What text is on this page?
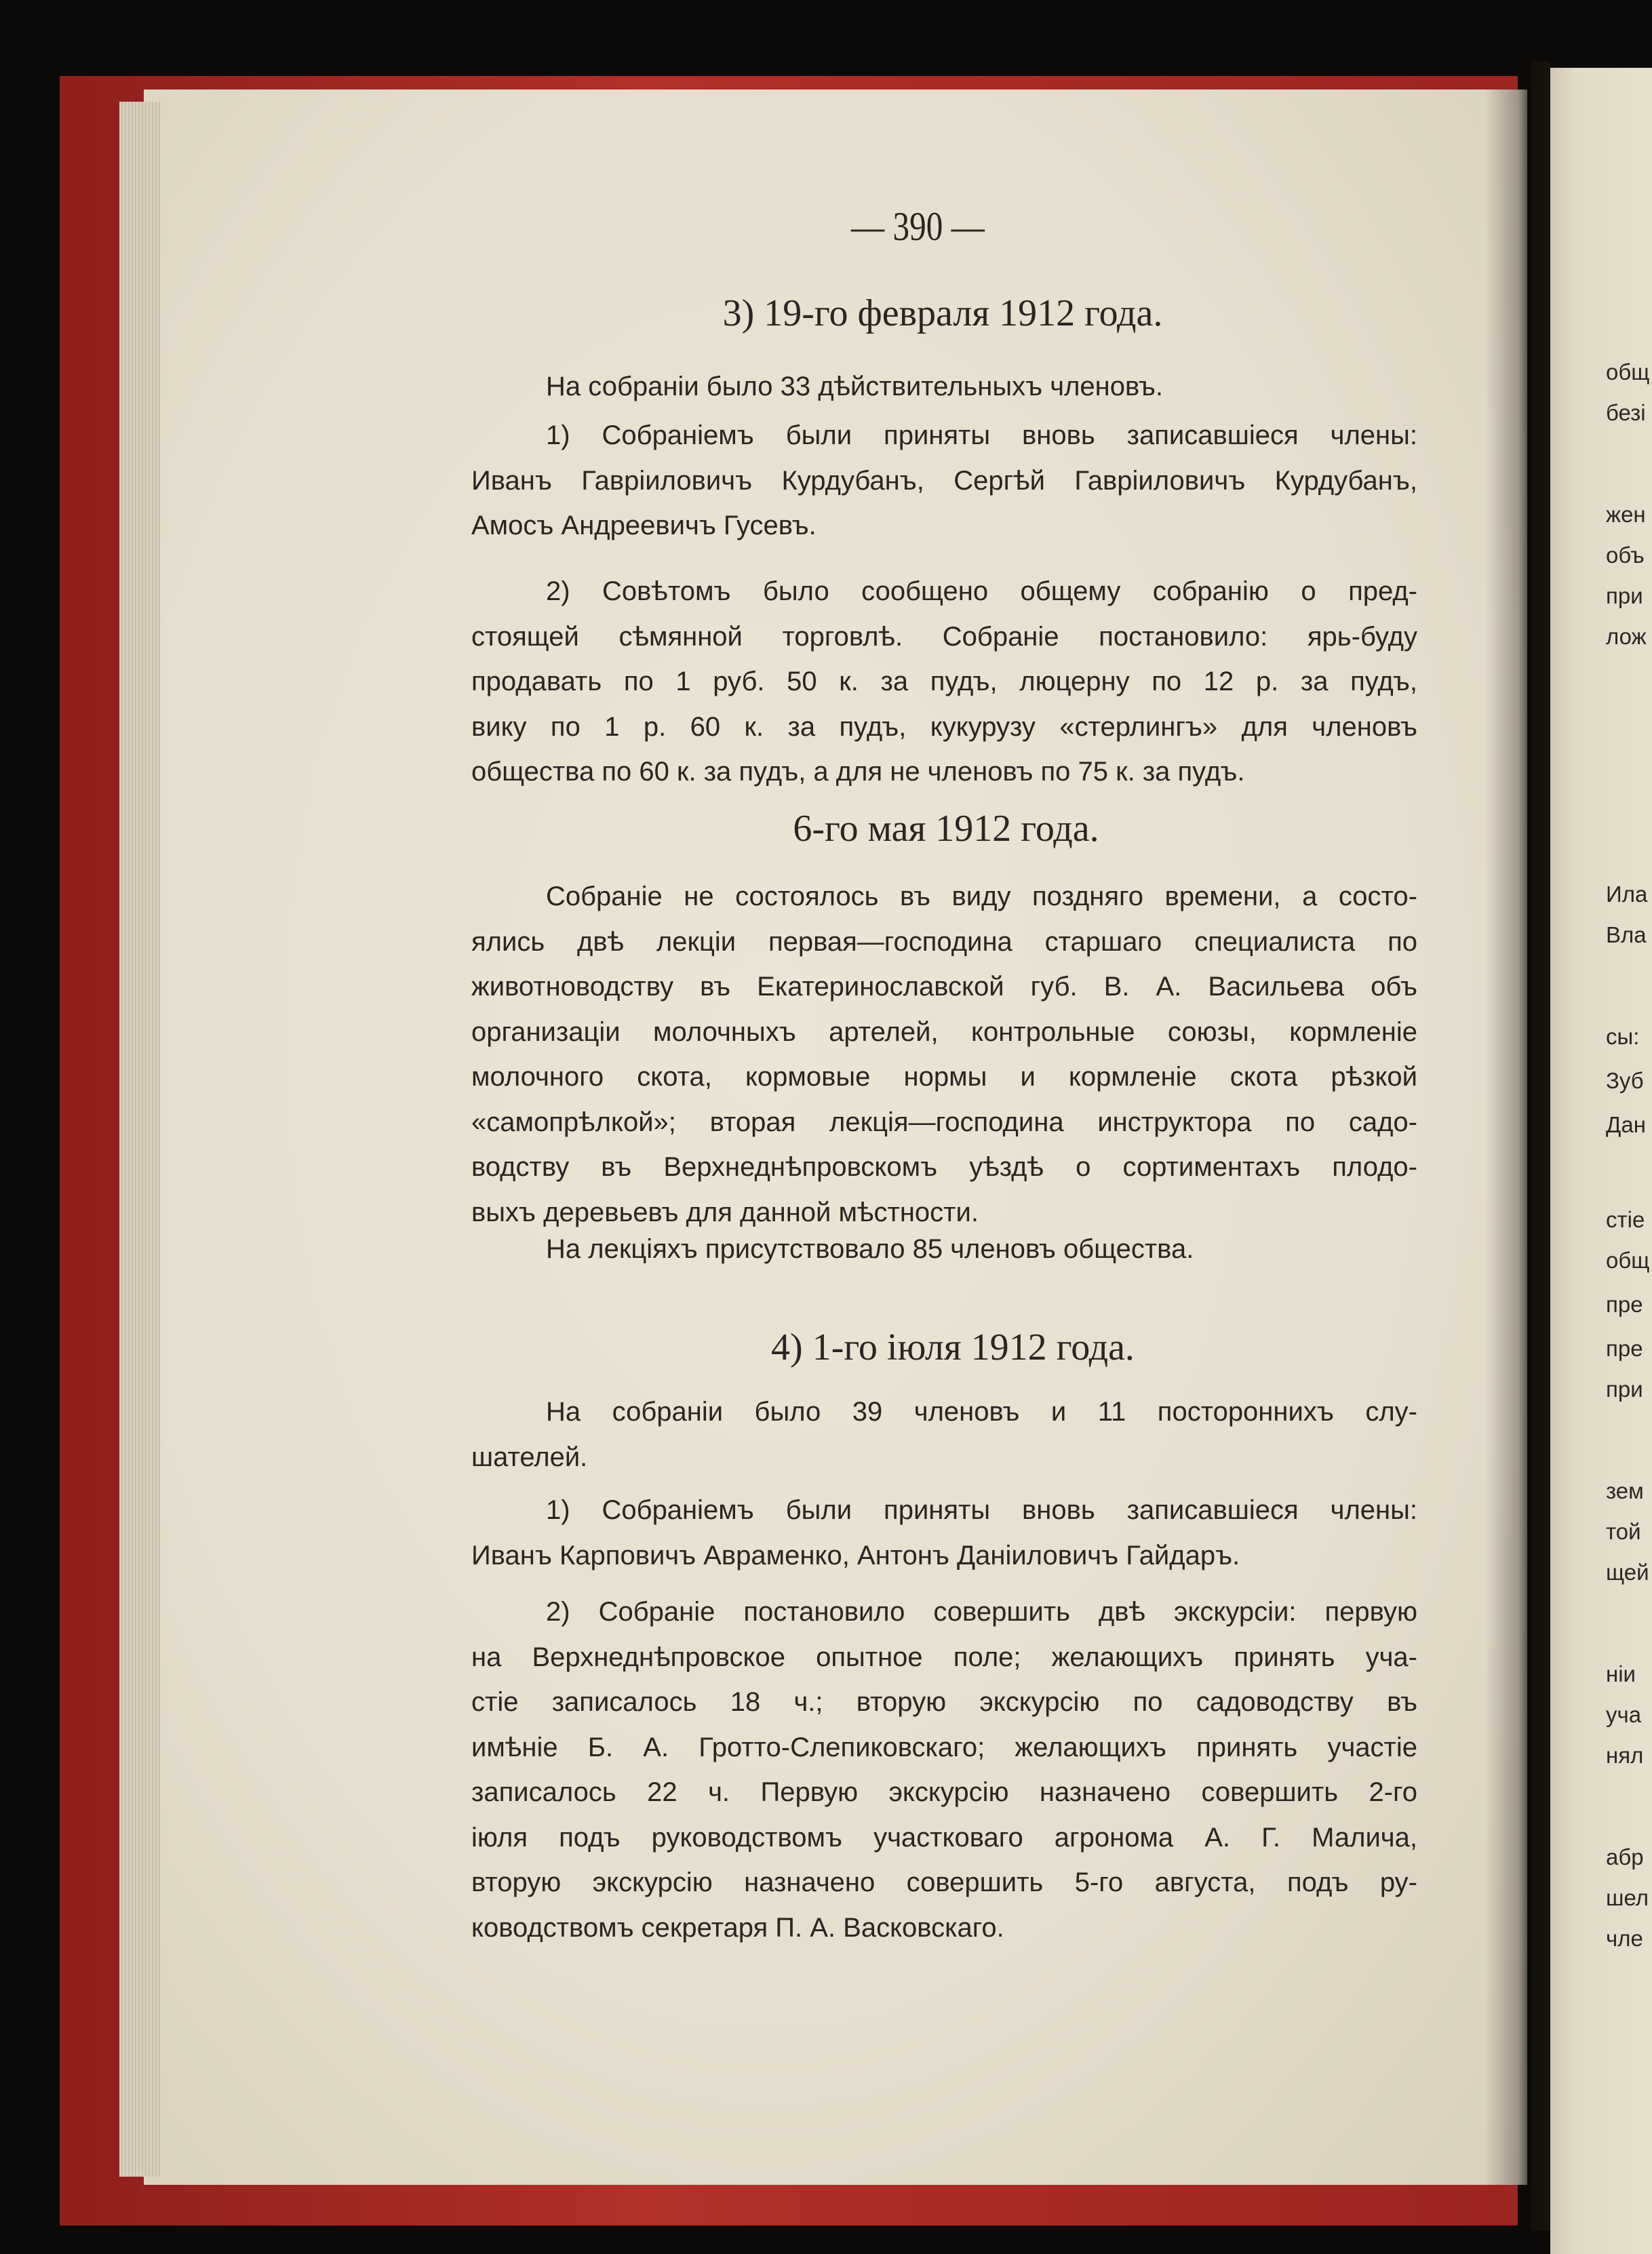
общ
безі
жен
объ
при
лож
Ила
Вла
сы:
Зуб
Дан
стіе
общ
пре
пре
при
зем
той
щей
ніи
уча
нял
абр
шел
чле
— 390 —
3) 19-го февраля 1912 года.
На собраніи было 33 дѣйствительныхъ членовъ.
1) Собраніемъ были приняты вновь записавшіеся члены:
Иванъ Гавріиловичъ Курдубанъ, Сергѣй Гавріиловичъ Курдубанъ,
Амосъ Андреевичъ Гусевъ.
2) Совѣтомъ было сообщено общему собранію о пред-
стоящей сѣмянной торговлѣ. Собраніе постановило: ярь-буду
продавать по 1 руб. 50 к. за пудъ, люцерну по 12 р. за пудъ,
вику по 1 р. 60 к. за пудъ, кукурузу «стерлингъ» для членовъ
общества по 60 к. за пудъ, а для не членовъ по 75 к. за пудъ.
6-го мая 1912 года.
Собраніе не состоялось въ виду поздняго времени, а состо-
ялись двѣ лекціи первая—господина старшаго специалиста по
животноводству въ Екатеринославской губ. В. А. Васильева объ
организаціи молочныхъ артелей, контрольные союзы, кормленіе
молочного скота, кормовые нормы и кормленіе скота рѣзкой
«самопрѣлкой»; вторая лекція—господина инструктора по садо-
водству въ Верхнеднѣпровскомъ уѣздѣ о сортиментахъ плодо-
выхъ деревьевъ для данной мѣстности.
На лекціяхъ присутствовало 85 членовъ общества.
4) 1-го іюля 1912 года.
На собраніи было 39 членовъ и 11 постороннихъ слу-
шателей.
1) Собраніемъ были приняты вновь записавшіеся члены:
Иванъ Карповичъ Авраменко, Антонъ Даніиловичъ Гайдаръ.
2) Собраніе постановило совершить двѣ экскурсіи: первую
на Верхнеднѣпровское опытное поле; желающихъ принять уча-
стіе записалось 18 ч.; вторую экскурсію по садоводству въ
имѣніе Б. А. Гротто-Слепиковскаго; желающихъ принять участіе
записалось 22 ч. Первую экскурсію назначено совершить 2-го
іюля подъ руководствомъ участковаго агронома А. Г. Малича,
вторую экскурсію назначено совершить 5-го августа, подъ ру-
ководствомъ секретаря П. А. Васковскаго.
